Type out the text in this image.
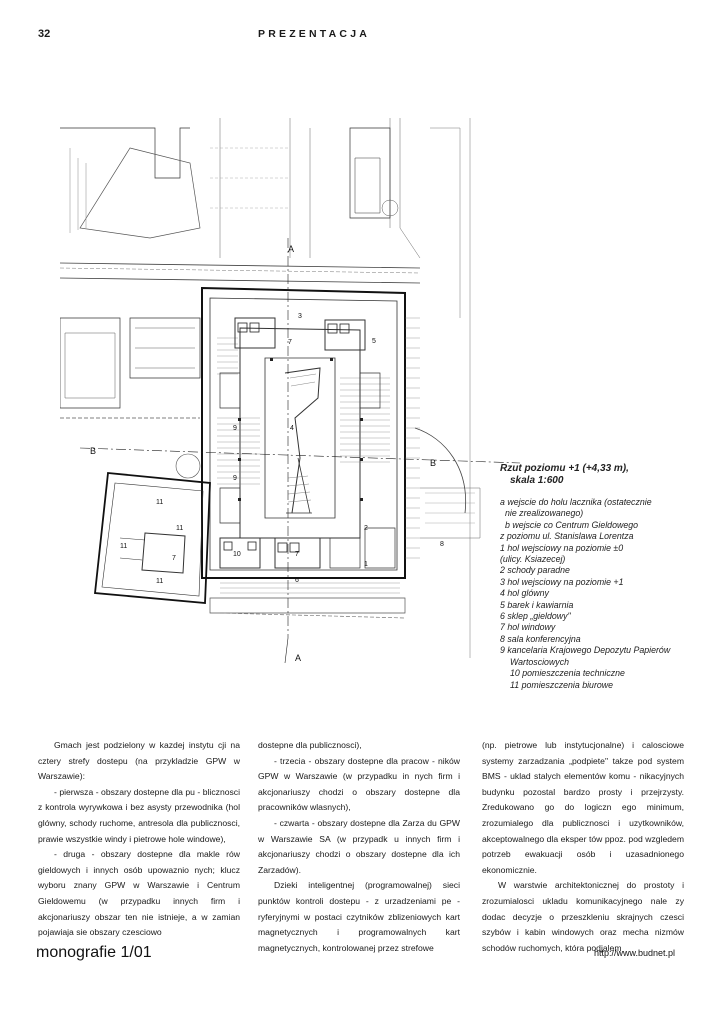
32	PREZENTACJA
A
A
B
B
3
5
7
4
9
9
2
1
10	7
6
8
11
11
11
11
7

Rzut poziomu +1 (+4,33 m),

skala 1:600

a wejscie do holu lacznika (ostatecznie
nie zrealizowanego)
b wejscie co Centrum Gieldowego
z poziomu ul. Stanislawa Lorentza
1 hol wejsciowy na poziomie ±0
(ulicy. Ksiazecej)
2 schody paradne
3 hol wejsciowy na poziomie +1
4 hol glówny
5 barek i kawiarnia
6 sklep „gieldowy"
7 hol windowy
8 sala konferencyjna
9 kancelaria Krajowego Depozytu Papierów
Wartosciowych
10 pomieszczenia techniczne
11 pomieszczenia biurowe

Gmach jest podzielony w kazdej instytu cji na cztery strefy dostepu (na przykladzie GPW w Warszawie):

- pierwsza - obszary dostepne dla pu - blicznosci z kontrola wyrywkowa i bez asysty przewodnika (hol glówny, schody ruchome, antresola dla publicznosci, prawie wszystkie windy i pietrowe hole windowe),

- druga - obszary dostepne dla makle rów gieldowych i innych osób upowaznio nych; klucz wyboru znany GPW w Warszawie i Centrum Gieldowemu (w przypadku innych firm i akcjonariuszy obszar ten nie istnieje, a w zamian pojawiaja sie obszary czesciowo

dostepne dla publicznosci),

- trzecia - obszary dostepne dla pracow - ników GPW w Warszawie (w przypadku in nych firm i akcjonariuszy chodzi o obszary dostepne dla pracowników wlasnych),

- czwarta - obszary dostepne dla Zarza du GPW w Warszawie SA (w przypadk u innych firm i akcjonariuszy chodzi o obszary dostepne dla ich Zarzadów).

Dzieki inteligentnej (programowalnej) sieci punktów kontroli dostepu - z urzadzeniami pe - ryferyjnymi w postaci czytników zblizeniowych kart magnetycznych i programowalnych kart magnetycznych, kontrolowanej przez strefowe

(np. pietrowe lub instytucjonalne) i calosciowe systemy zarzadzania „podpiete" takze pod system BMS - uklad stalych elementów komu - nikacyjnych budynku pozostal bardzo prosty i przejrzysty. Zredukowano go do logiczn ego minimum, zrozumialego dla publicznosci i uzytkowników, akceptowalnego dla eksper tów ppoz. pod wzgledem potrzeb ewakuacji osób i uzasadnionego ekonomicznie.

W warstwie architektonicznej do prostoty i zrozumialosci ukladu komunikacyjnego nale zy dodac decyzje o przeszkleniu skrajnych czesci szybów i kabin windowych oraz mecha nizmów schodów ruchomych, która podjalem

monografie 1/01	http://www.budnet.pl
